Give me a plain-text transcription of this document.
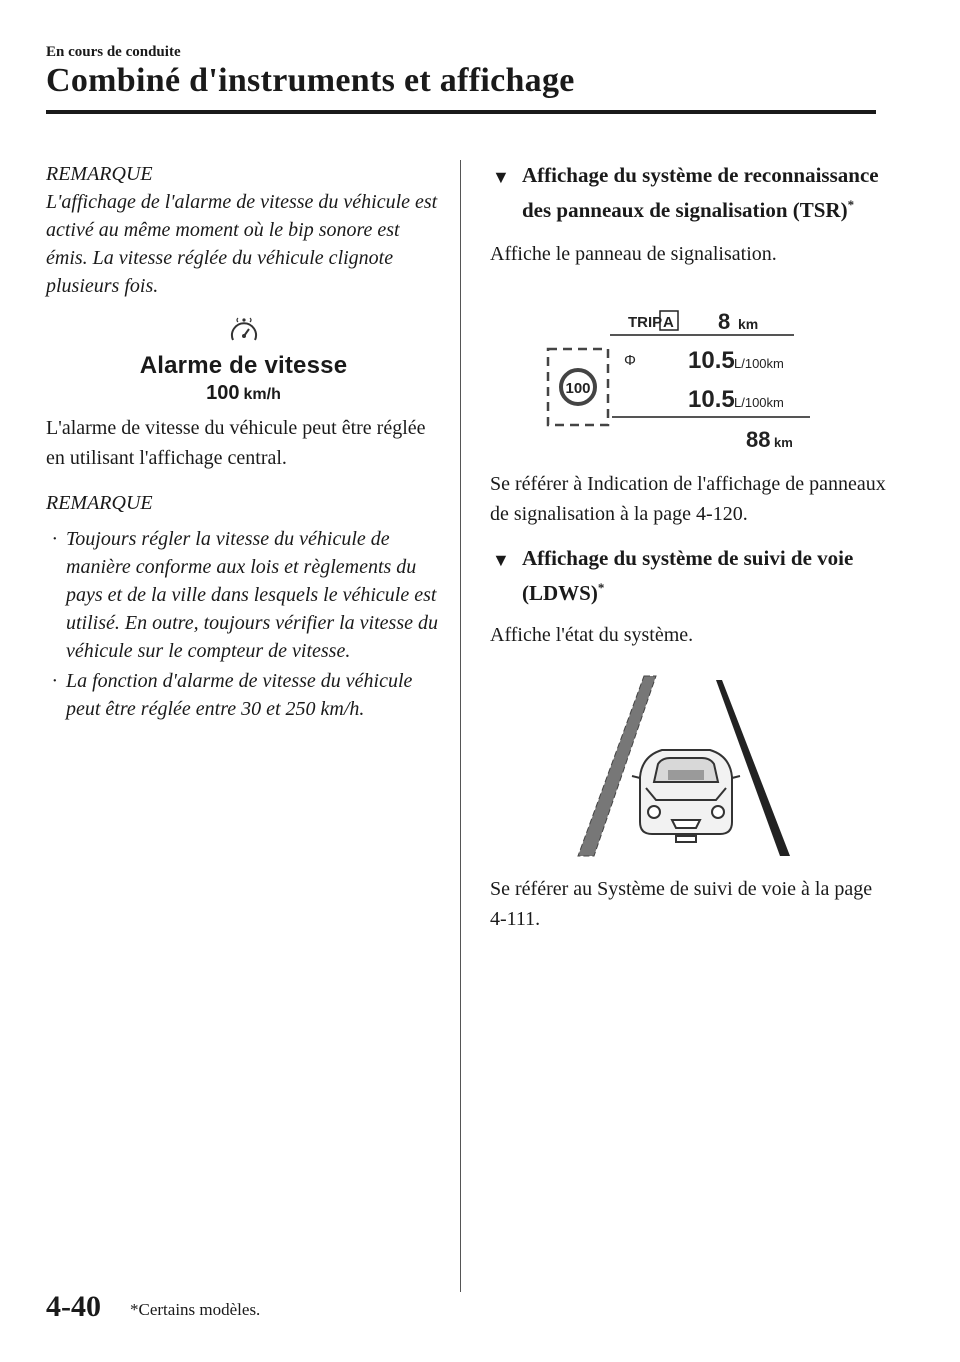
En cours de conduite
Combiné d'instruments et affichage
REMARQUE

L'affichage de l'alarme de vitesse du véhicule est activé au même moment où le bip sonore est émis. La vitesse réglée du véhicule clignote plusieurs fois.

Alarme de vitesse
100 km/h

L'alarme de vitesse du véhicule peut être réglée en utilisant l'affichage central.

REMARQUE
· Toujours régler la vitesse du véhicule de manière conforme aux lois et règlements du pays et de la ville dans lesquels le véhicule est utilisé. En outre, toujours vérifier la vitesse du véhicule sur le compteur de vitesse.
· La fonction d'alarme de vitesse du véhicule peut être réglée entre 30 et 250 km/h.
▼ Affichage du système de reconnaissance des panneaux de signalisation (TSR)*

Affiche le panneau de signalisation.

TRIP A 8 km
100
Φ 10.5 L/100km
10.5 L/100km
88 km

Se référer à Indication de l'affichage de panneaux de signalisation à la page 4-120.

▼ Affichage du système de suivi de voie (LDWS)*

Affiche l'état du système.

Se référer au Système de suivi de voie à la page 4-111.

4-40 *Certains modèles.
